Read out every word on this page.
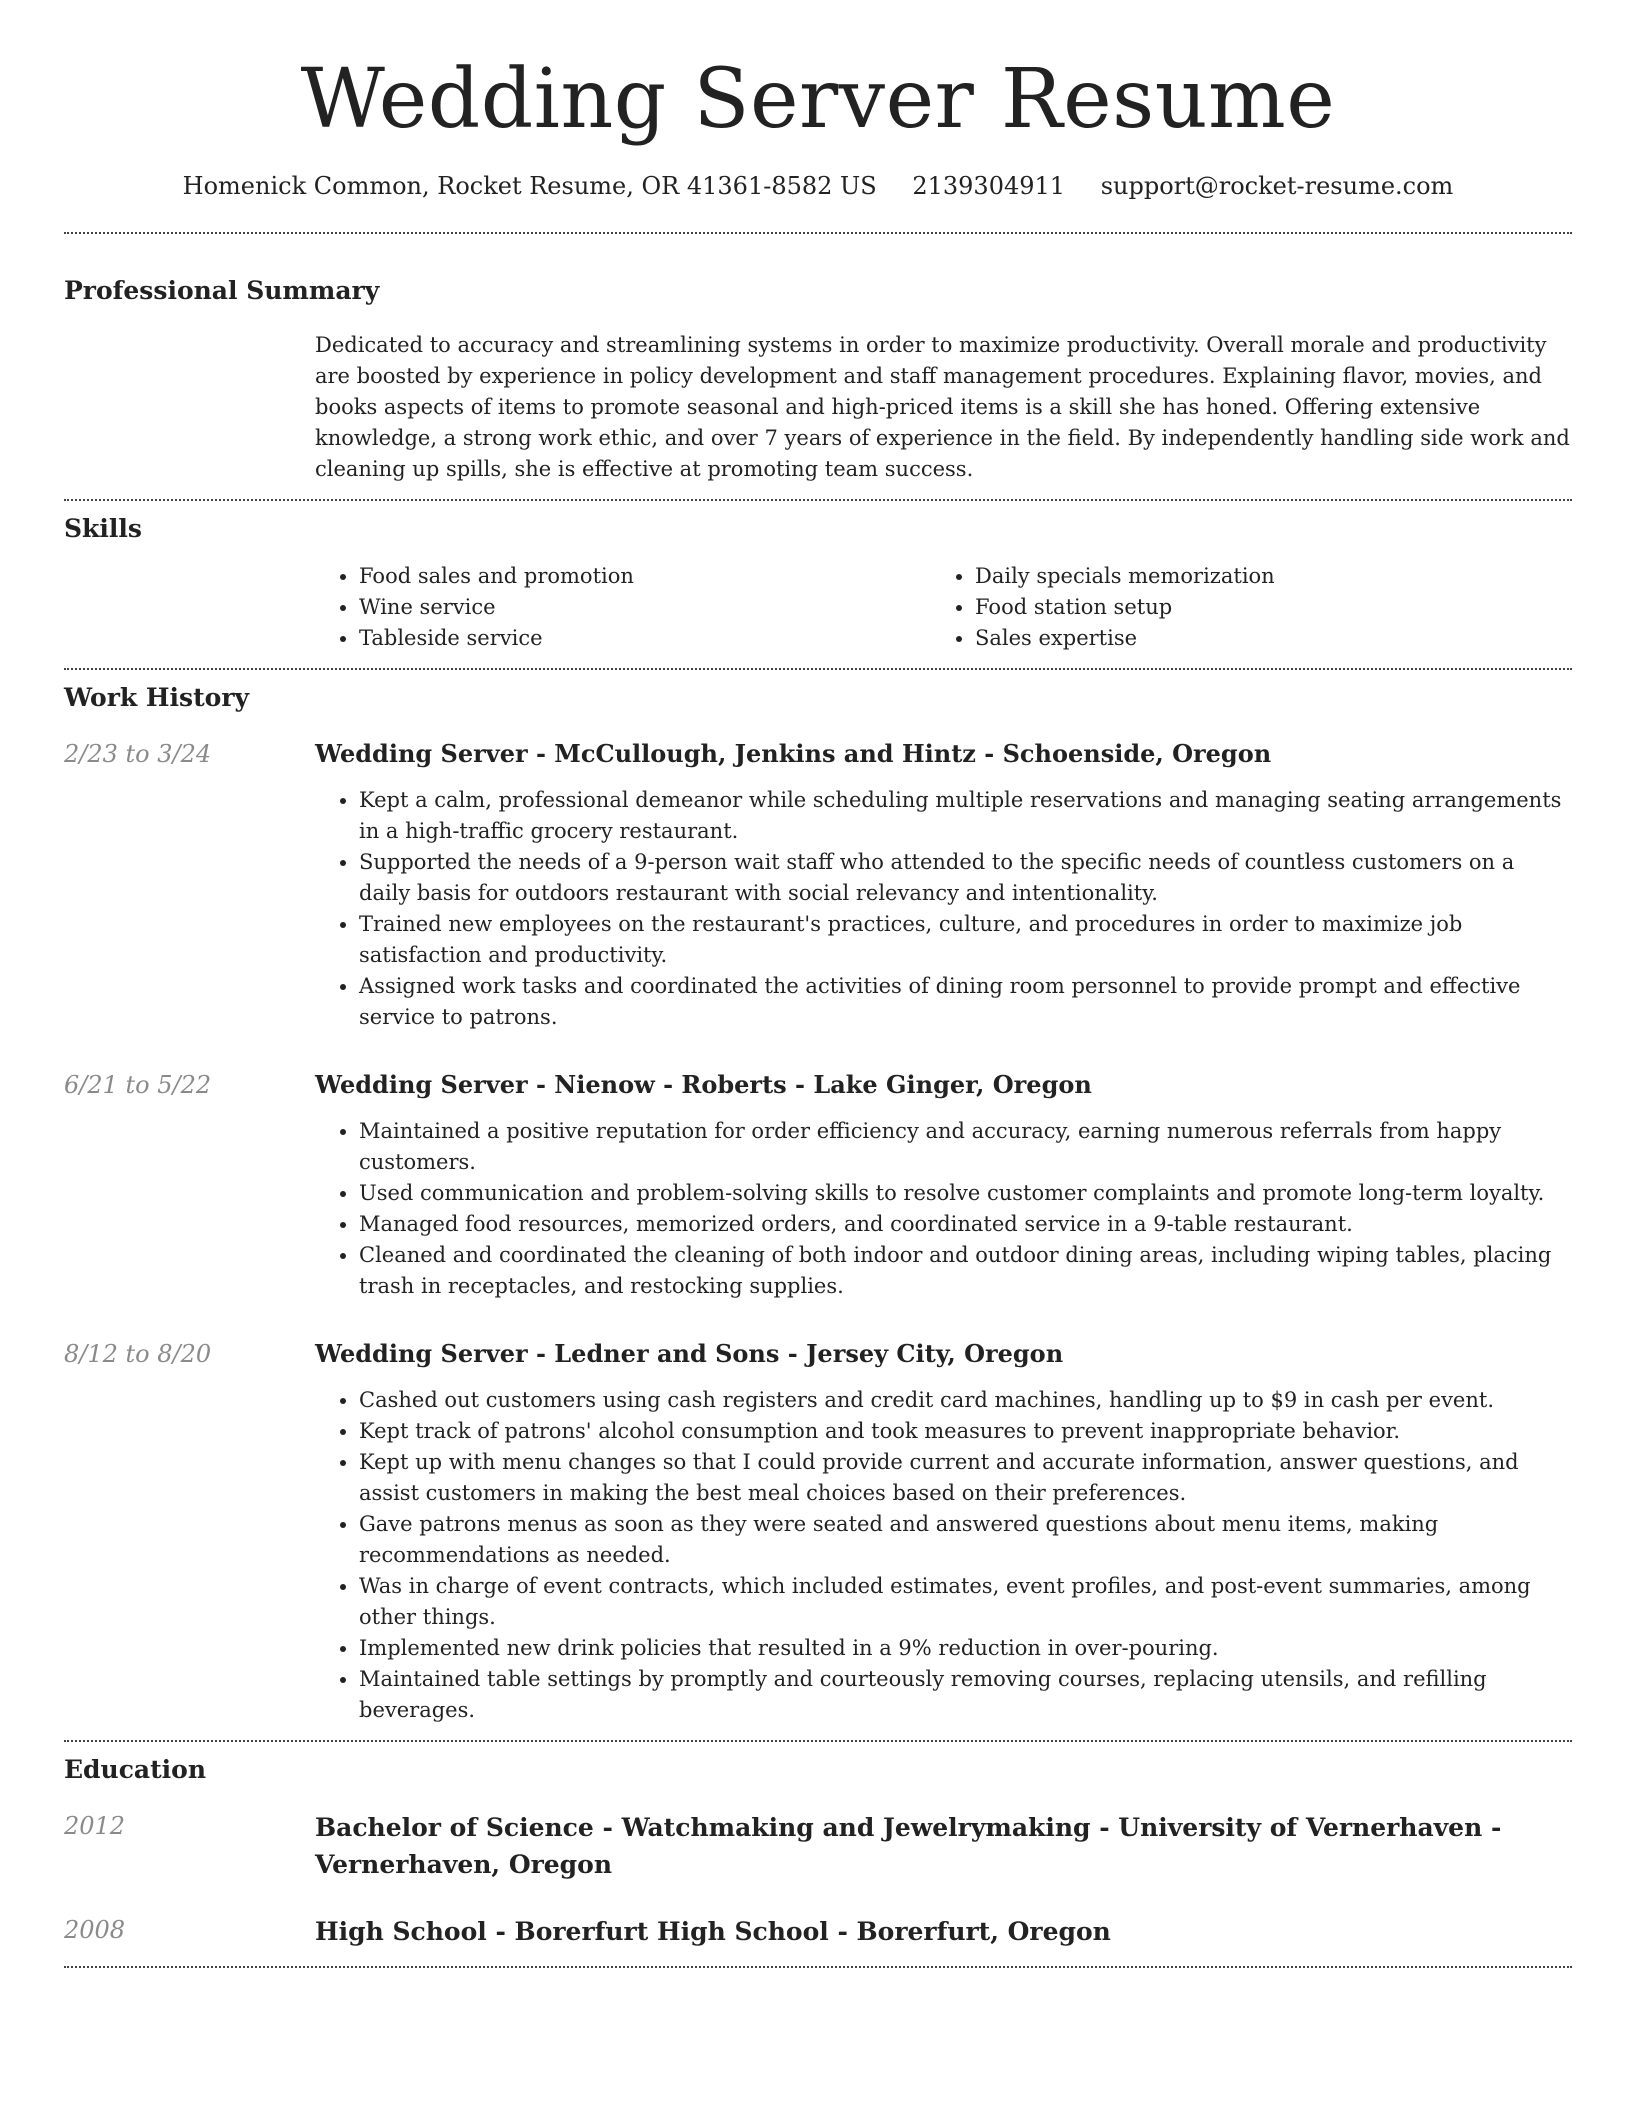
Wedding Server Resume
Homenick Common, Rocket Resume, OR 41361-8582 US 2139304911 support@rocket-resume.com
Professional Summary

Dedicated to accuracy and streamlining systems in order to maximize productivity. Overall morale and productivity are boosted by experience in policy development and staff management procedures. Explaining flavor, movies, and books aspects of items to promote seasonal and high-priced items is a skill she has honed. Offering extensive knowledge, a strong work ethic, and over 7 years of experience in the field. By independently handling side work and cleaning up spills, she is effective at promoting team success.

Skills
• Food sales and promotion
• Wine service
• Tableside service
• Daily specials memorization
• Food station setup
• Sales expertise
Work History
2/23 to 3/24	Wedding Server - McCullough, Jenkins and Hintz - Schoenside, Oregon
• Kept a calm, professional demeanor while scheduling multiple reservations and managing seating arrangements in a high-traffic grocery restaurant.
• Supported the needs of a 9-person wait staff who attended to the specific needs of countless customers on a daily basis for outdoors restaurant with social relevancy and intentionality.
• Trained new employees on the restaurant's practices, culture, and procedures in order to maximize job satisfaction and productivity.
• Assigned work tasks and coordinated the activities of dining room personnel to provide prompt and effective service to patrons.
6/21 to 5/22	Wedding Server - Nienow - Roberts - Lake Ginger, Oregon
• Maintained a positive reputation for order efficiency and accuracy, earning numerous referrals from happy customers.
• Used communication and problem-solving skills to resolve customer complaints and promote long-term loyalty.
• Managed food resources, memorized orders, and coordinated service in a 9-table restaurant.
• Cleaned and coordinated the cleaning of both indoor and outdoor dining areas, including wiping tables, placing trash in receptacles, and restocking supplies.
8/12 to 8/20	Wedding Server - Ledner and Sons - Jersey City, Oregon
• Cashed out customers using cash registers and credit card machines, handling up to $9 in cash per event.
• Kept track of patrons' alcohol consumption and took measures to prevent inappropriate behavior.
• Kept up with menu changes so that I could provide current and accurate information, answer questions, and assist customers in making the best meal choices based on their preferences.
• Gave patrons menus as soon as they were seated and answered questions about menu items, making recommendations as needed.
• Was in charge of event contracts, which included estimates, event profiles, and post-event summaries, among other things.
• Implemented new drink policies that resulted in a 9% reduction in over-pouring.
• Maintained table settings by promptly and courteously removing courses, replacing utensils, and refilling beverages.
Education
2012	Bachelor of Science - Watchmaking and Jewelrymaking - University of Vernerhaven - Vernerhaven, Oregon
2008	High School - Borerfurt High School - Borerfurt, Oregon
